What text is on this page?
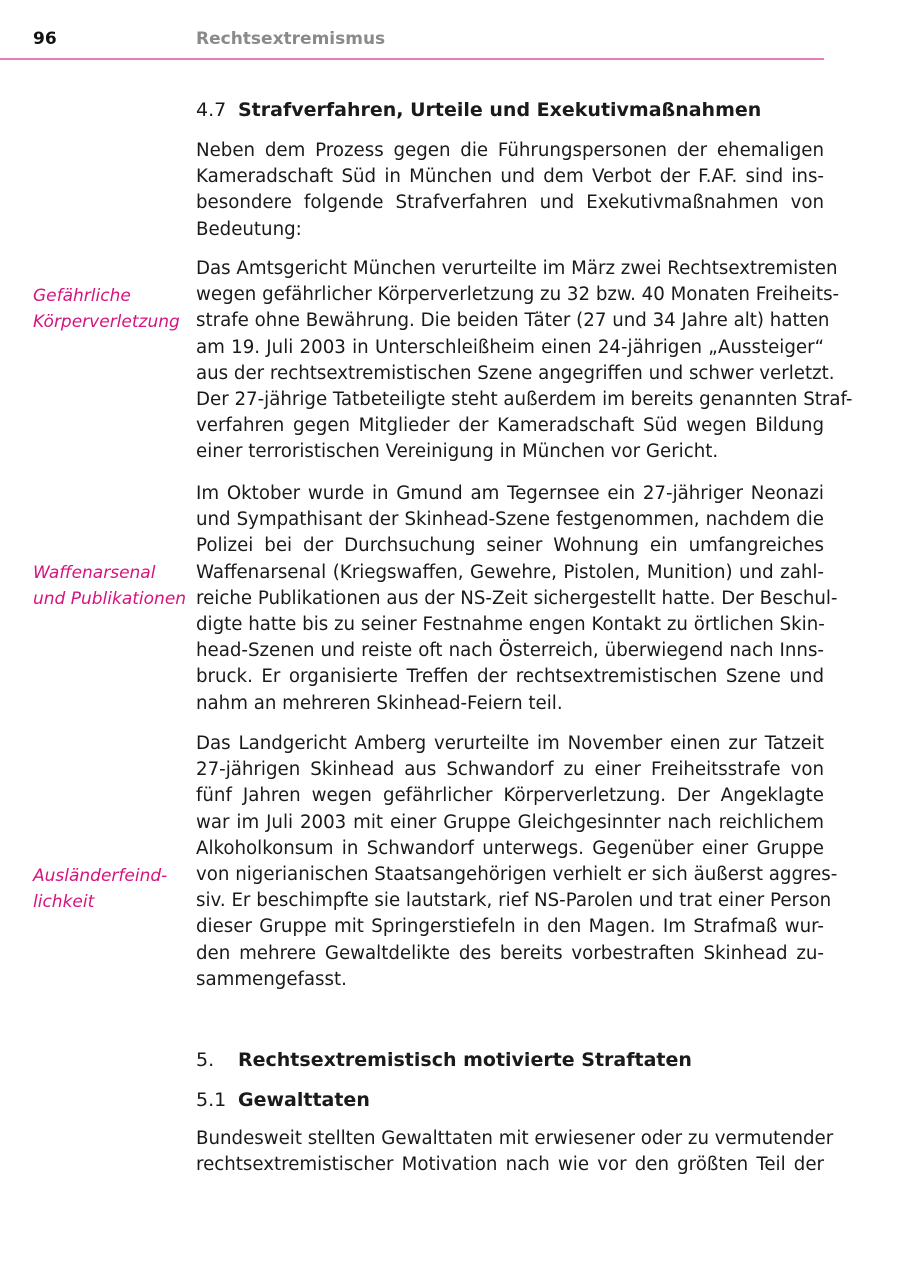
96	Rechtsextremismus
Gefährliche
Körperverletzung
Waffenarsenal
und Publikationen
Ausländerfeind-
lichkeit
4.7 Strafverfahren, Urteile und Exekutivmaßnahmen

Neben dem Prozess gegen die Führungspersonen der ehemaligen
Kameradschaft Süd in München und dem Verbot der F.AF. sind ins-
besondere folgende Strafverfahren und Exekutivmaßnahmen von
Bedeutung:

Das Amtsgericht München verurteilte im März zwei Rechtsextremisten
wegen gefährlicher Körperverletzung zu 32 bzw. 40 Monaten Freiheits-
strafe ohne Bewährung. Die beiden Täter (27 und 34 Jahre alt) hatten
am 19. Juli 2003 in Unterschleißheim einen 24-jährigen „Aussteiger“
aus der rechtsextremistischen Szene angegriffen und schwer verletzt.
Der 27-jährige Tatbeteiligte steht außerdem im bereits genannten Straf-
verfahren gegen Mitglieder der Kameradschaft Süd wegen Bildung
einer terroristischen Vereinigung in München vor Gericht.

Im Oktober wurde in Gmund am Tegernsee ein 27-jähriger Neonazi
und Sympathisant der Skinhead-Szene festgenommen, nachdem die
Polizei bei der Durchsuchung seiner Wohnung ein umfangreiches
Waffenarsenal (Kriegswaffen, Gewehre, Pistolen, Munition) und zahl-
reiche Publikationen aus der NS-Zeit sichergestellt hatte. Der Beschul-
digte hatte bis zu seiner Festnahme engen Kontakt zu örtlichen Skin-
head-Szenen und reiste oft nach Österreich, überwiegend nach Inns-
bruck. Er organisierte Treffen der rechtsextremistischen Szene und
nahm an mehreren Skinhead-Feiern teil.

Das Landgericht Amberg verurteilte im November einen zur Tatzeit
27-jährigen Skinhead aus Schwandorf zu einer Freiheitsstrafe von
fünf Jahren wegen gefährlicher Körperverletzung. Der Angeklagte
war im Juli 2003 mit einer Gruppe Gleichgesinnter nach reichlichem
Alkoholkonsum in Schwandorf unterwegs. Gegenüber einer Gruppe
von nigerianischen Staatsangehörigen verhielt er sich äußerst aggres-
siv. Er beschimpfte sie lautstark, rief NS-Parolen und trat einer Person
dieser Gruppe mit Springerstiefeln in den Magen. Im Strafmaß wur-
den mehrere Gewaltdelikte des bereits vorbestraften Skinhead zu-
sammengefasst.

5. Rechtsextremistisch motivierte Straftaten
5.1 Gewalttaten

Bundesweit stellten Gewalttaten mit erwiesener oder zu vermutender
rechtsextremistischer Motivation nach wie vor den größten Teil der
